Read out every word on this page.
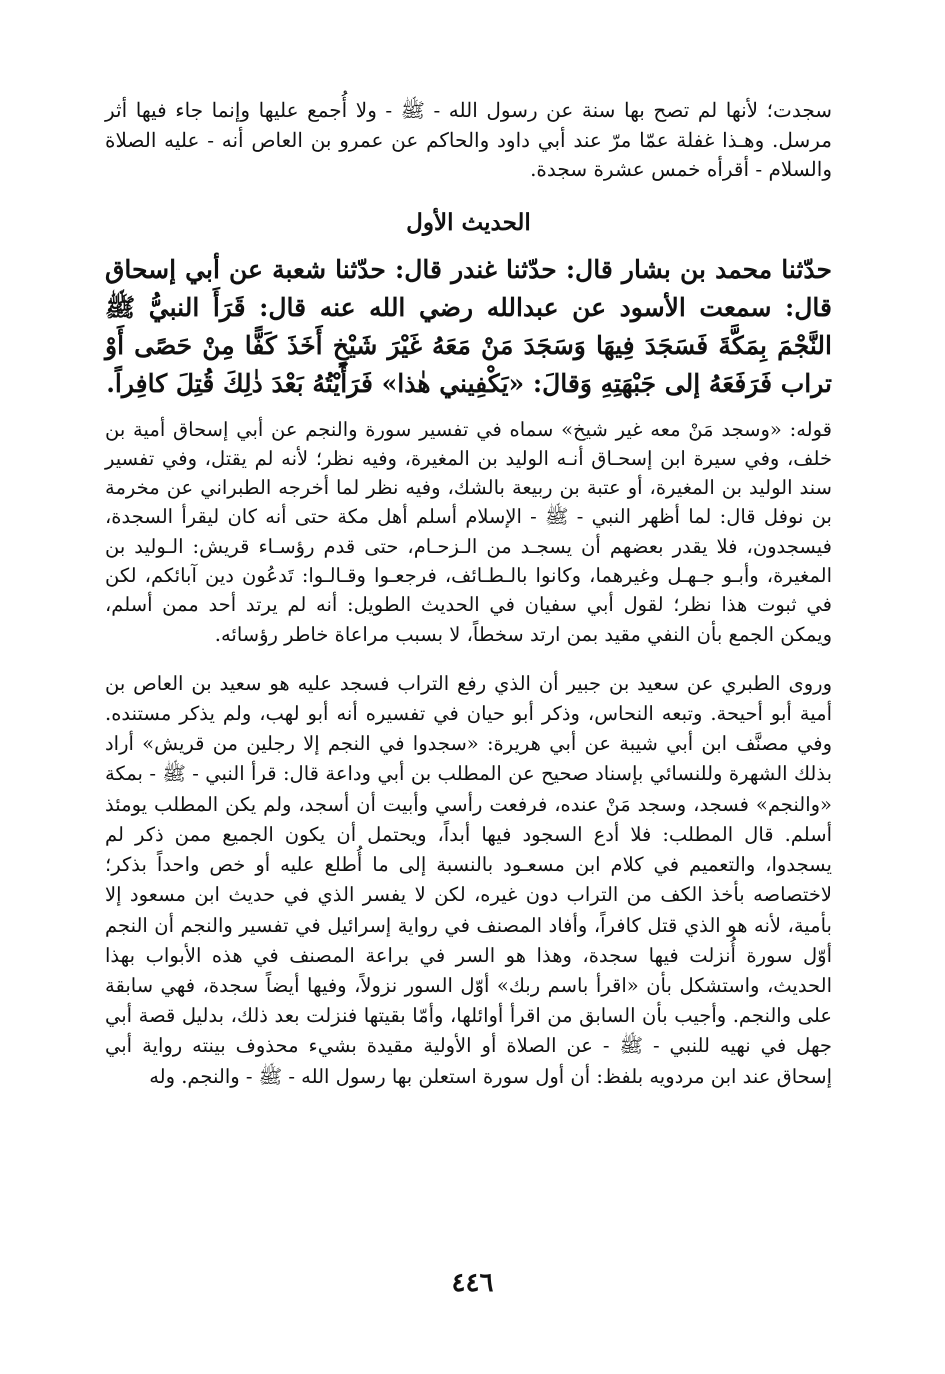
سجدت؛ لأنها لم تصح بها سنة عن رسول الله - ﷺ - ولا أُجمع عليها وإنما جاء فيها أثر مرسل. وهـذا غفلة عمّا مرّ عند أبي داود والحاكم عن عمرو بن العاص أنه - عليه الصلاة والسلام - أقرأه خمس عشرة سجدة.

الحديث الأول

حدّثنا محمد بن بشار قال: حدّثنا غندر قال: حدّثنا شعبة عن أبي إسحاق قال: سمعت الأسود عن عبدالله رضي الله عنه قال: قَرَأَ النبيُّ ﷺ النَّجْمَ بِمَكَّةَ فَسَجَدَ فِيهَا وَسَجَدَ مَنْ مَعَهُ غَيْرَ شَيْخٍ أَخَذَ كَفًّا مِنْ حَصًى أَوْ تراب فَرَفَعَهُ إلى جَبْهَتِهِ وَقالَ: «يَكْفِيني هٰذا» فَرَأَيْتُهُ بَعْدَ ذٰلِكَ قُتِلَ كافِراً.

قوله: «وسجد مَنْ معه غير شيخ» سماه في تفسير سورة والنجم عن أبي إسحاق أمية بن خلف، وفي سيرة ابن إسحـاق أنـه الوليد بن المغيرة، وفيه نظر؛ لأنه لم يقتل، وفي تفسير سند الوليد بن المغيرة، أو عتبة بن ربيعة بالشك، وفيه نظر لما أخرجه الطبراني عن مخرمة بن نوفل قال: لما أظهر النبي - ﷺ - الإسلام أسلم أهل مكة حتى أنه كان ليقرأ السجدة، فيسجدون، فلا يقدر بعضهم أن يسجـد من الـزحـام، حتى قدم رؤسـاء قريش: الـوليد بن المغيرة، وأبـو جـهـل وغيرهما، وكانوا بالـطـائف، فرجعـوا وقـالـوا: تَدعُون دين آبائكم، لكن في ثبوت هذا نظر؛ لقول أبي سفيان في الحديث الطويل: أنه لم يرتد أحد ممن أسلم، ويمكن الجمع بأن النفي مقيد بمن ارتد سخطاً، لا بسبب مراعاة خاطر رؤسائه.

وروى الطبري عن سعيد بن جبير أن الذي رفع التراب فسجد عليه هو سعيد بن العاص بن أمية أبو أحيحة. وتبعه النحاس، وذكر أبو حيان في تفسيره أنه أبو لهب، ولم يذكر مستنده. وفي مصنَّف ابن أبي شيبة عن أبي هريرة: «سجدوا في النجم إلا رجلين من قريش» أراد بذلك الشهرة وللنسائي بإسناد صحيح عن المطلب بن أبي وداعة قال: قرأ النبي - ﷺ - بمكة «والنجم» فسجد، وسجد مَنْ عنده، فرفعت رأسي وأبيت أن أسجد، ولم يكن المطلب يومئذ أسلم. قال المطلب: فلا أدع السجود فيها أبداً، ويحتمل أن يكون الجميع ممن ذكر لم يسجدوا، والتعميم في كلام ابن مسعـود بالنسبة إلى ما أُطلع عليه أو خص واحداً بذكر؛ لاختصاصه بأخذ الكف من التراب دون غيره، لكن لا يفسر الذي في حديث ابن مسعود إلا بأمية، لأنه هو الذي قتل كافراً، وأفاد المصنف في رواية إسرائيل في تفسير والنجم أن النجم أوّل سورة أُنزلت فيها سجدة، وهذا هو السر في براعة المصنف في هذه الأبواب بهذا الحديث، واستشكل بأن «اقرأ باسم ربك» أوّل السور نزولاً، وفيها أيضاً سجدة، فهي سابقة على والنجم. وأجيب بأن السابق من اقرأ أوائلها، وأمّا بقيتها فنزلت بعد ذلك، بدليل قصة أبي جهل في نهيه للنبي - ﷺ - عن الصلاة أو الأولية مقيدة بشيء محذوف بينته رواية أبي إسحاق عند ابن مردويه بلفظ: أن أول سورة استعلن بها رسول الله - ﷺ - والنجم. وله

٤٤٦
